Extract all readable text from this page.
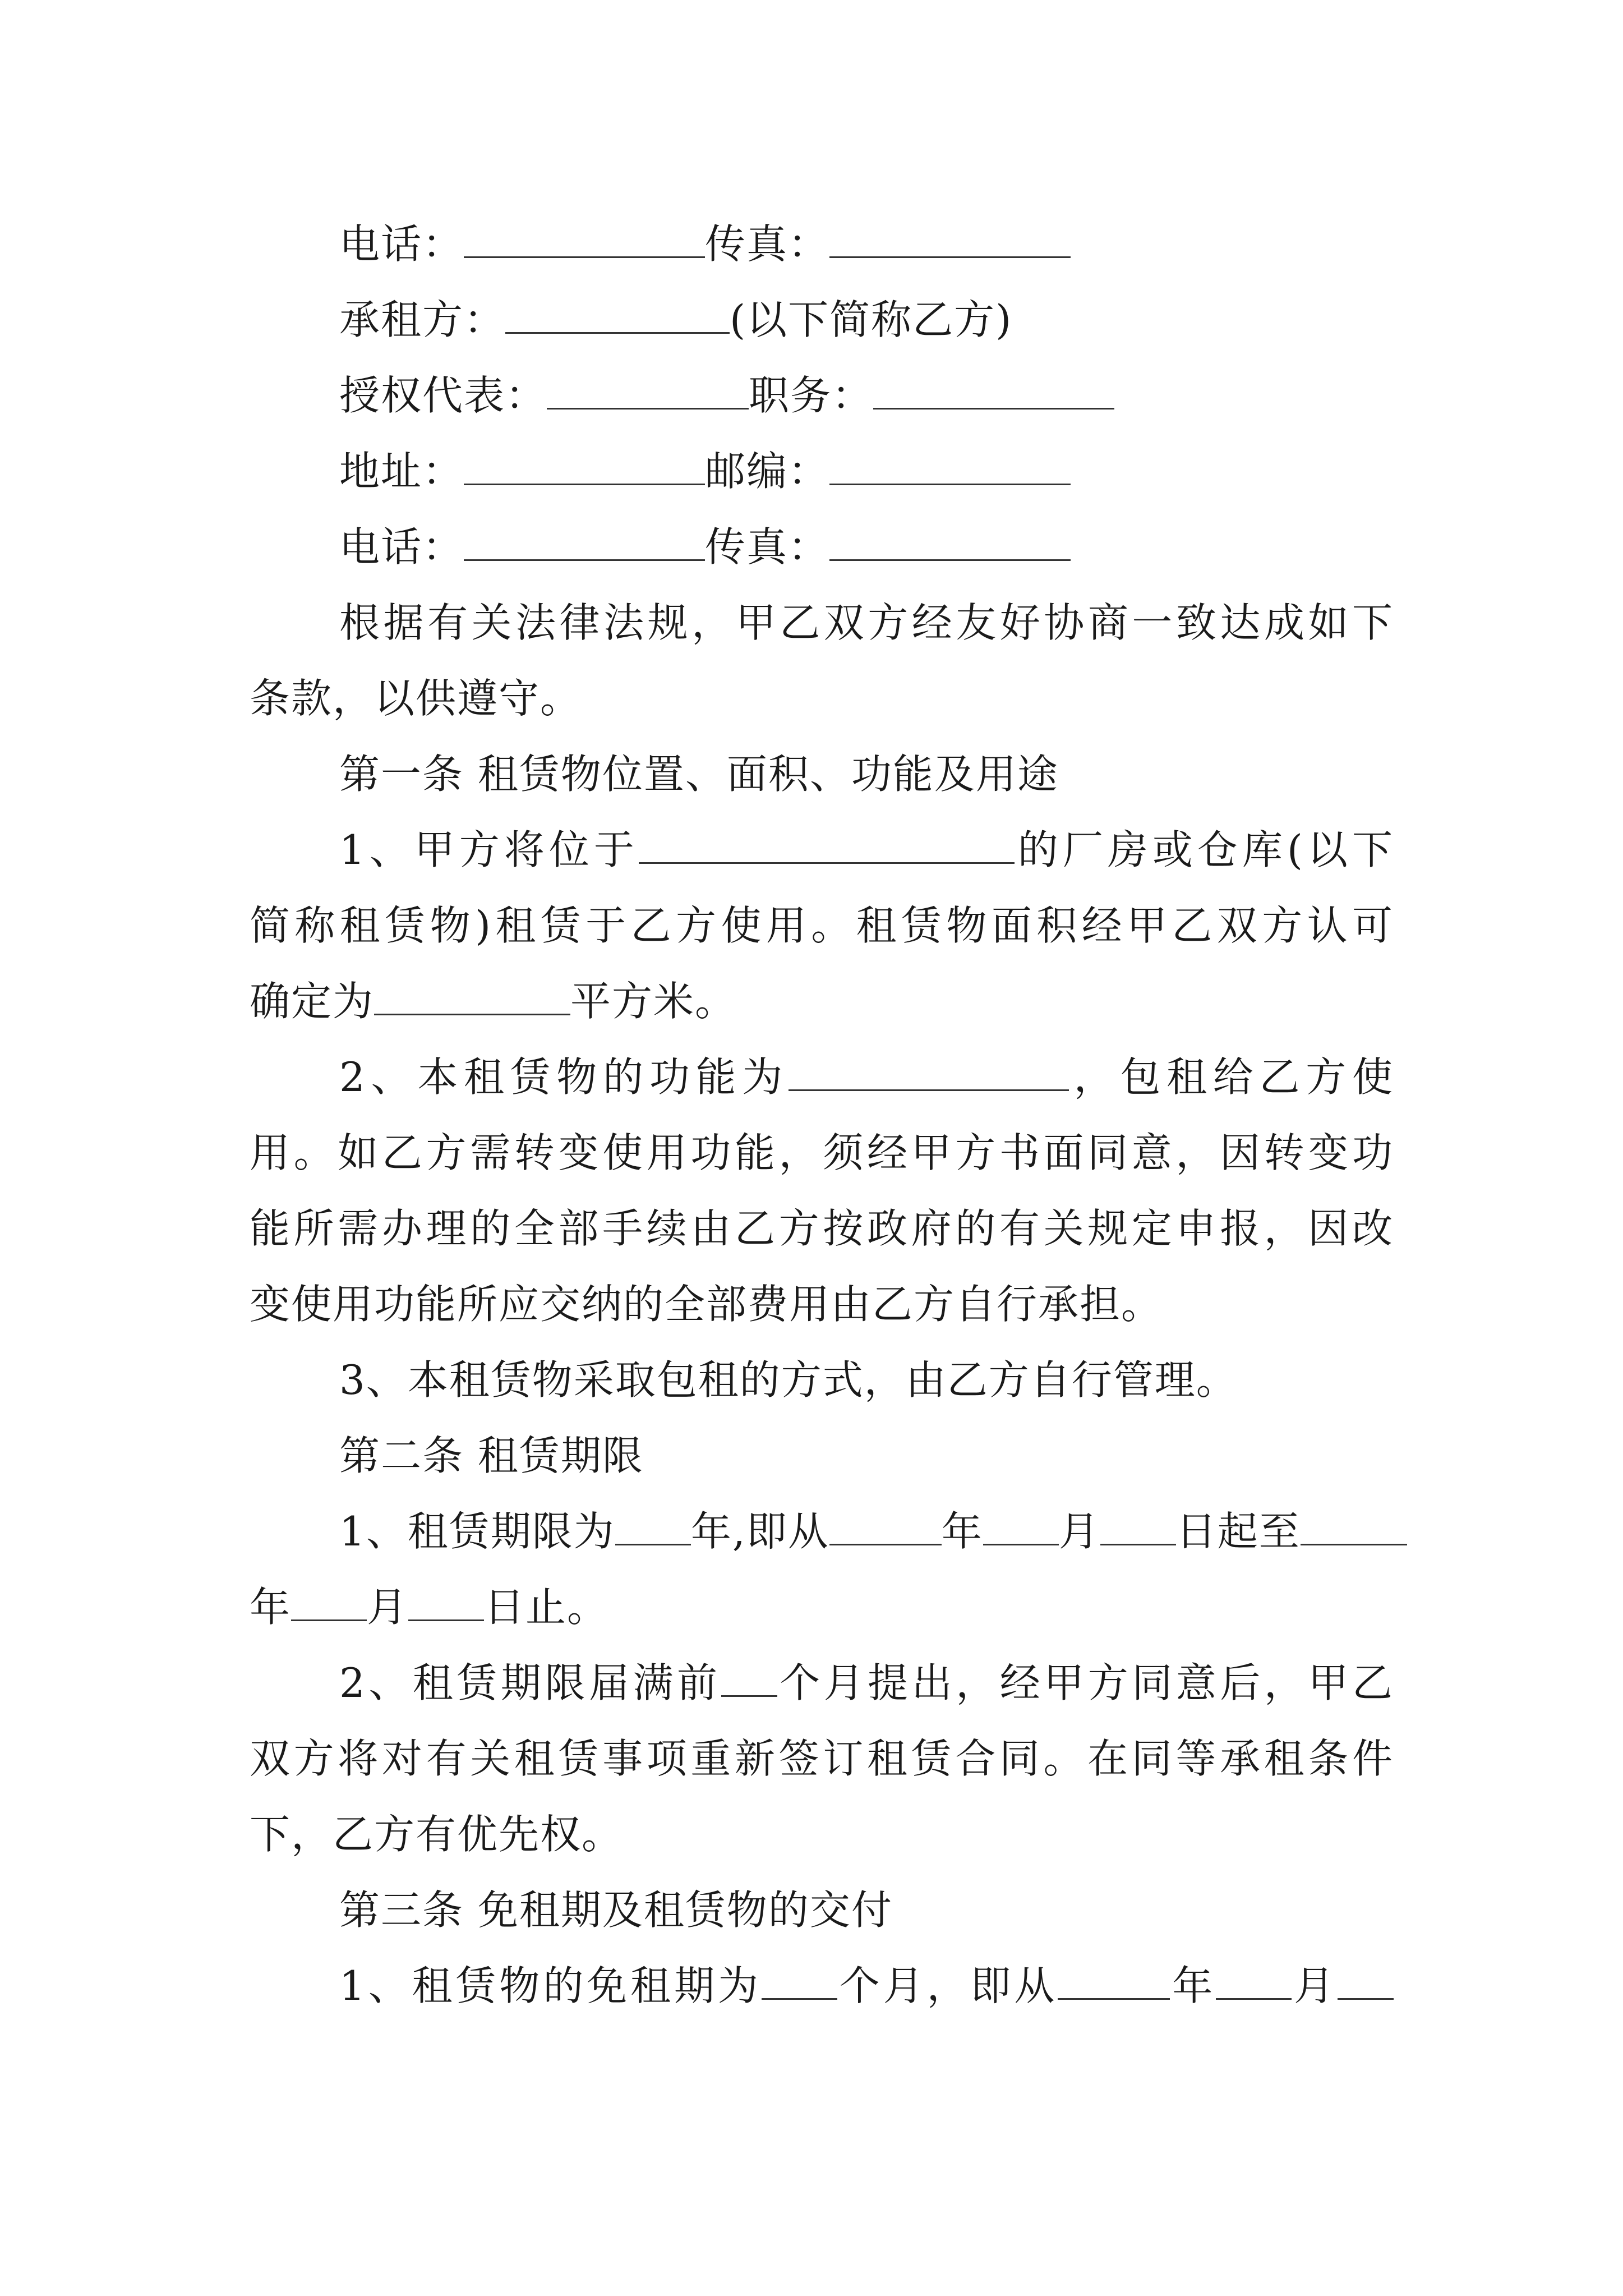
电话：	传真：
承租方：	(以下简称乙方)
授权代表：	职务：
地址：	邮编：
电话：	传真：
根据有关法律法规，甲乙双方经友好协商一致达成如下
条款，以供遵守。
第一条 租赁物位置、面积、功能及用途
1、甲方将位于	的厂房或仓库(以下
简称租赁物)租赁于乙方使用。租赁物面积经甲乙双方认可
确定为	平方米。
2、本租赁物的功能为	，包租给乙方使
用。如乙方需转变使用功能，须经甲方书面同意，因转变功
能所需办理的全部手续由乙方按政府的有关规定申报，因改
变使用功能所应交纳的全部费用由乙方自行承担。
3、本租赁物采取包租的方式，由乙方自行管理。
第二条 租赁期限
1、租赁期限为 年,即从	年 月 日起至
年 月 日止。
2、租赁期限届满前 个月提出，经甲方同意后，甲乙
双方将对有关租赁事项重新签订租赁合同。在同等承租条件
下，乙方有优先权。
第三条 免租期及租赁物的交付
1、租赁物的免租期为 个月，即从	年 月
